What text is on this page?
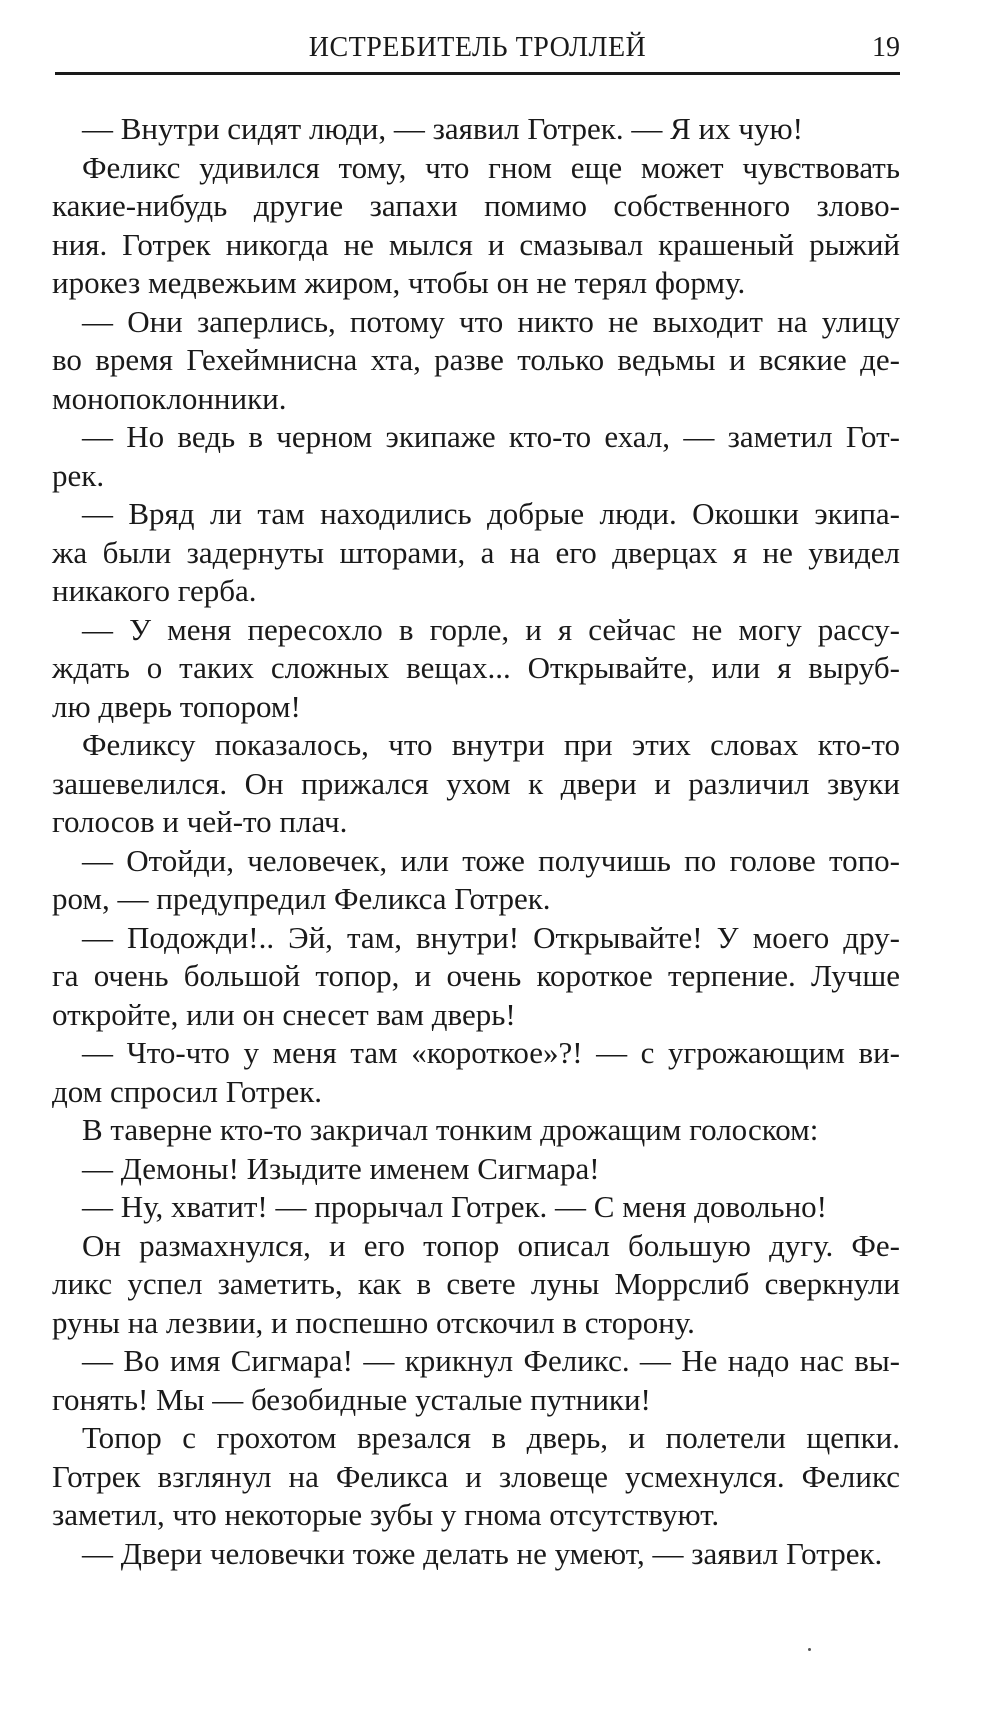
ИСТРЕБИТЕЛЬ ТРОЛЛЕЙ	19

— Внутри сидят люди, — заявил Готрек. — Я их чую!

Феликс удивился тому, что гном еще может чувствовать
какие-нибудь другие запахи помимо собственного злово-
ния. Готрек никогда не мылся и смазывал крашеный рыжий
ирокез медвежьим жиром, чтобы он не терял форму.

— Они заперлись, потому что никто не выходит на улицу
во время Гехеймнисна хта, разве только ведьмы и всякие де-
монопоклонники.

— Но ведь в черном экипаже кто-то ехал, — заметил Гот-
рек.

— Вряд ли там находились добрые люди. Окошки экипа-
жа были задернуты шторами, а на его дверцах я не увидел
никакого герба.

— У меня пересохло в горле, и я сейчас не могу рассу-
ждать о таких сложных вещах... Открывайте, или я выруб-
лю дверь топором!

Феликсу показалось, что внутри при этих словах кто-то
зашевелился. Он прижался ухом к двери и различил звуки
голосов и чей-то плач.

— Отойди, человечек, или тоже получишь по голове топо-
ром, — предупредил Феликса Готрек.

— Подожди!.. Эй, там, внутри! Открывайте! У моего дру-
га очень большой топор, и очень короткое терпение. Лучше
откройте, или он снесет вам дверь!

— Что-что у меня там «короткое»?! — с угрожающим ви-
дом спросил Готрек.

В таверне кто-то закричал тонким дрожащим голоском:

— Демоны! Изыдите именем Сигмара!

— Ну, хватит! — прорычал Готрек. — С меня довольно!

Он размахнулся, и его топор описал большую дугу. Фе-
ликс успел заметить, как в свете луны Моррслиб сверкнули
руны на лезвии, и поспешно отскочил в сторону.

— Во имя Сигмара! — крикнул Феликс. — Не надо нас вы-
гонять! Мы — безобидные усталые путники!

Топор с грохотом врезался в дверь, и полетели щепки.
Готрек взглянул на Феликса и зловеще усмехнулся. Феликс
заметил, что некоторые зубы у гнома отсутствуют.

— Двери человечки тоже делать не умеют, — заявил Готрек.
